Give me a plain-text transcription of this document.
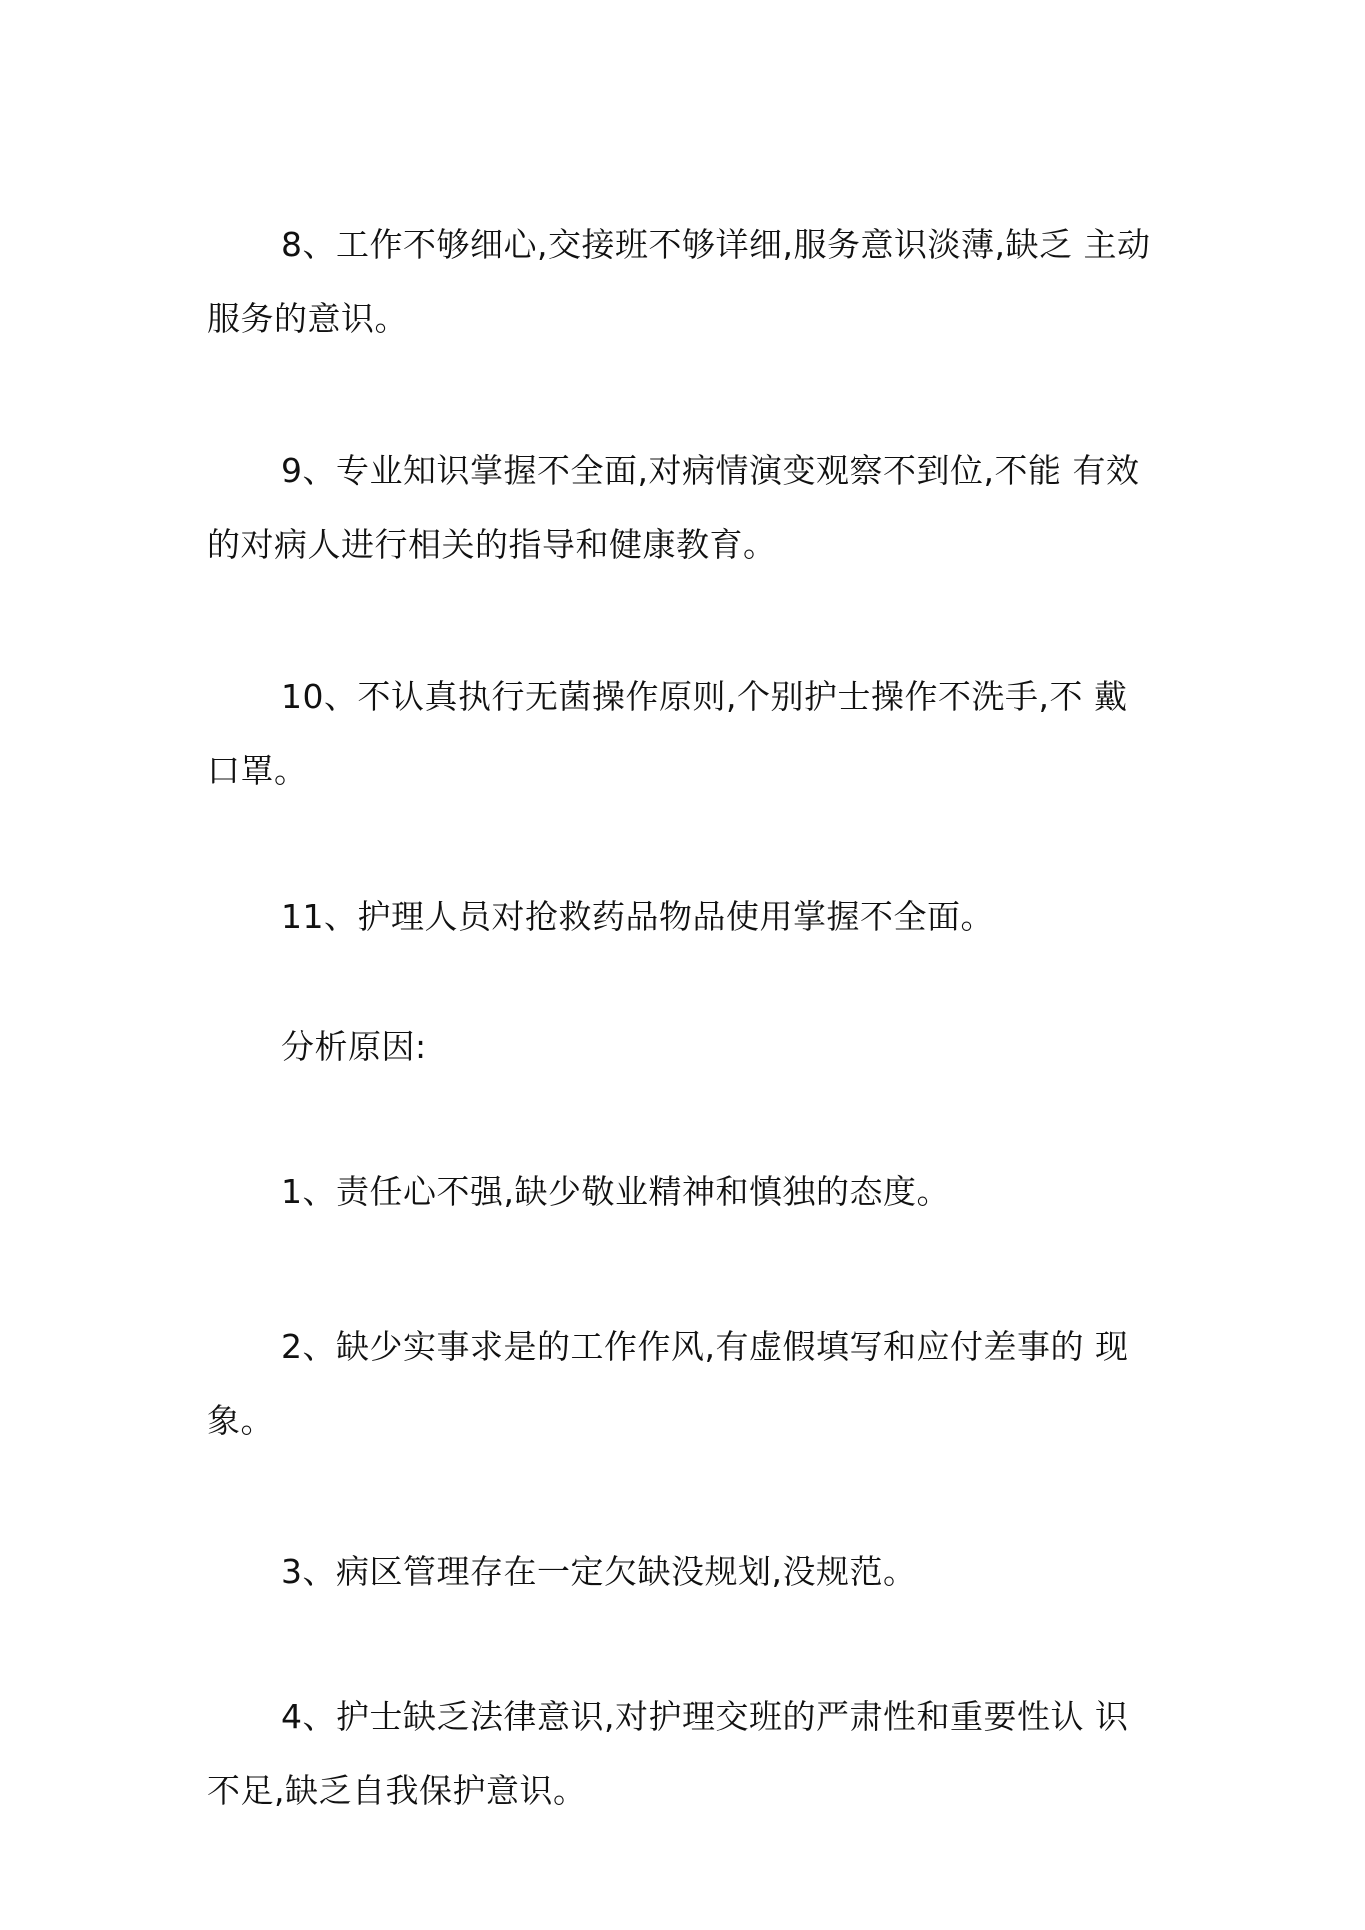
8、工作不够细心,交接班不够详细,服务意识淡薄,缺乏 主动服务的意识。

9、专业知识掌握不全面,对病情演变观察不到位,不能 有效的对病人进行相关的指导和健康教育。

10、不认真执行无菌操作原则,个别护士操作不洗手,不 戴口罩。

11、护理人员对抢救药品物品使用掌握不全面。

分析原因:

1、责任心不强,缺少敬业精神和慎独的态度。

2、缺少实事求是的工作作风,有虚假填写和应付差事的 现象。

3、病区管理存在一定欠缺没规划,没规范。

4、护士缺乏法律意识,对护理交班的严肃性和重要性认 识不足,缺乏自我保护意识。
